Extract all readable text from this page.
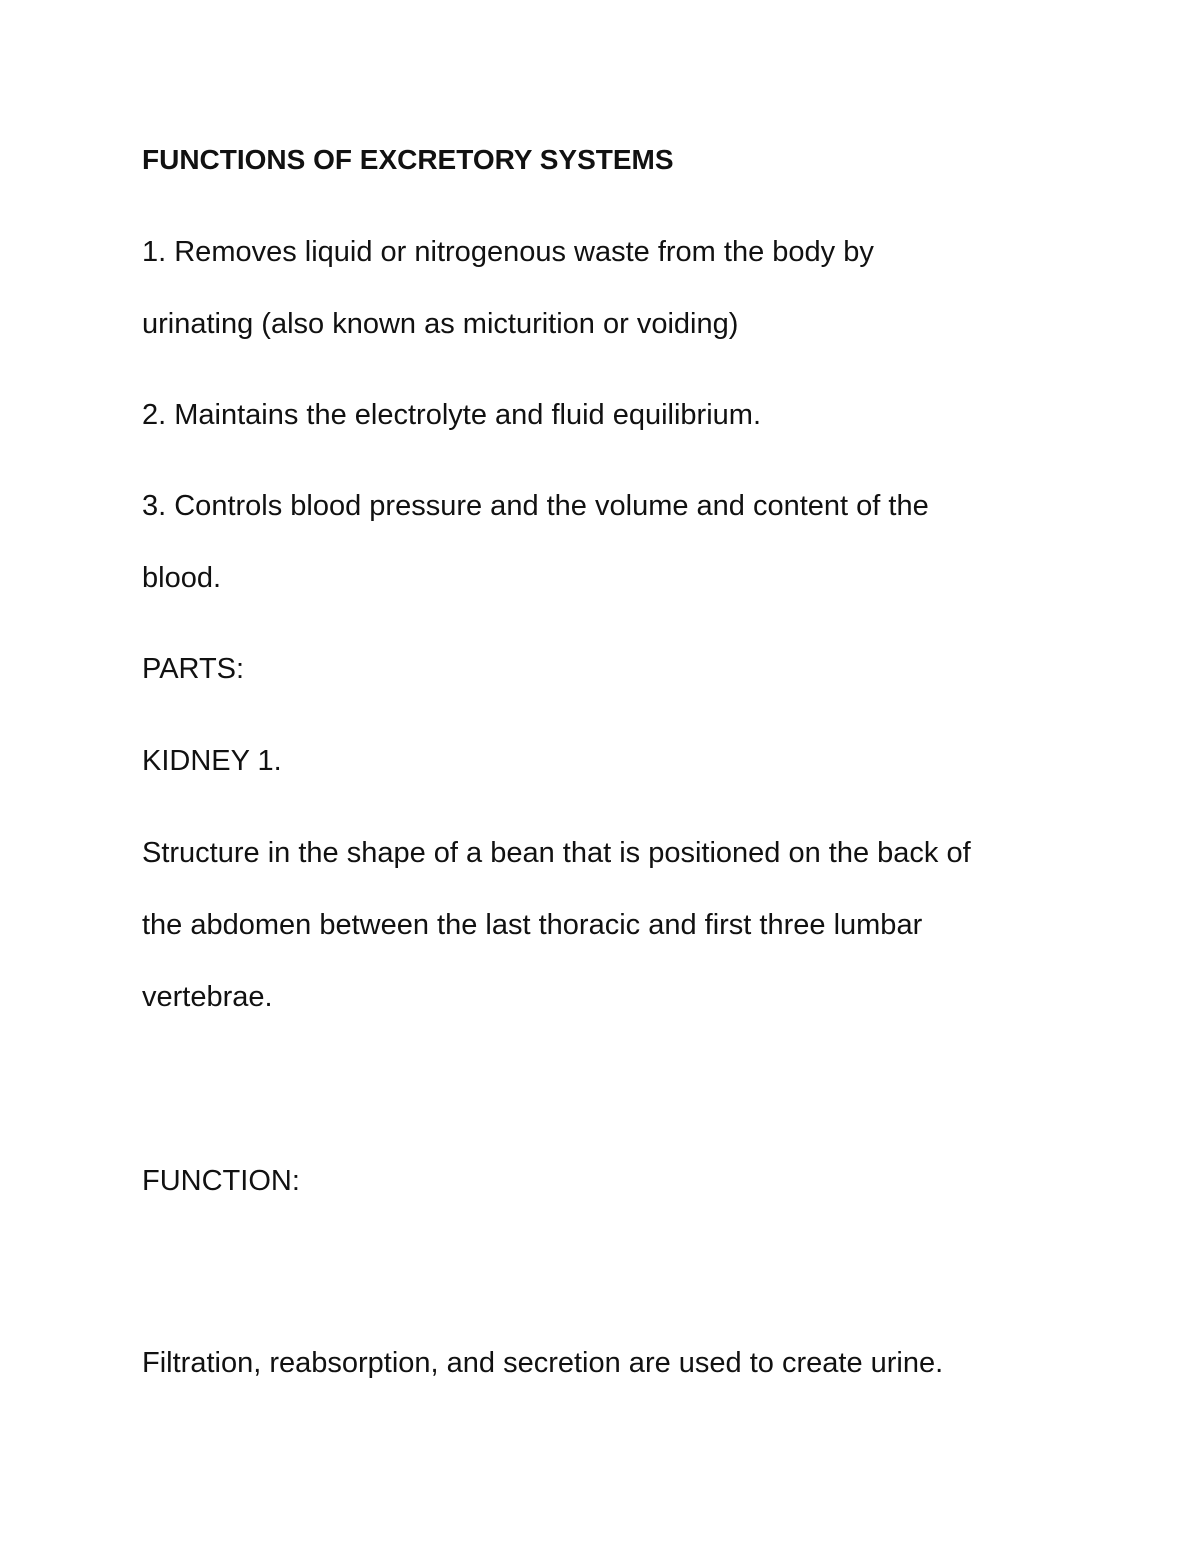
FUNCTIONS OF EXCRETORY SYSTEMS

1. Removes liquid or nitrogenous waste from the body by

urinating (also known as micturition or voiding)

2. Maintains the electrolyte and fluid equilibrium.

3. Controls blood pressure and the volume and content of the

blood.

PARTS:

KIDNEY 1.

Structure in the shape of a bean that is positioned on the back of

the abdomen between the last thoracic and first three lumbar

vertebrae.

FUNCTION:

Filtration, reabsorption, and secretion are used to create urine.
